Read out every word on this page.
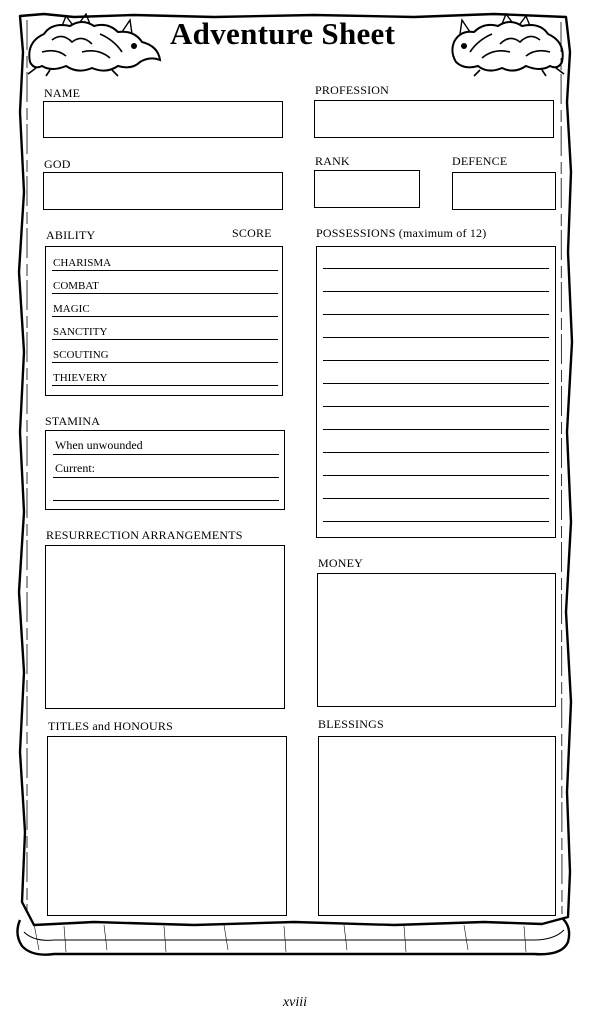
Adventure Sheet
NAME	PROFESSION
GOD	RANK	DEFENCE
ABILITY	SCORE
CHARISMA
COMBAT
MAGIC
SANCTITY
SCOUTING
THIEVERY
POSSESSIONS (maximum of 12)
STAMINA
When unwounded
Current:
RESURRECTION ARRANGEMENTS
MONEY
TITLES and HONOURS	BLESSINGS
xviii
